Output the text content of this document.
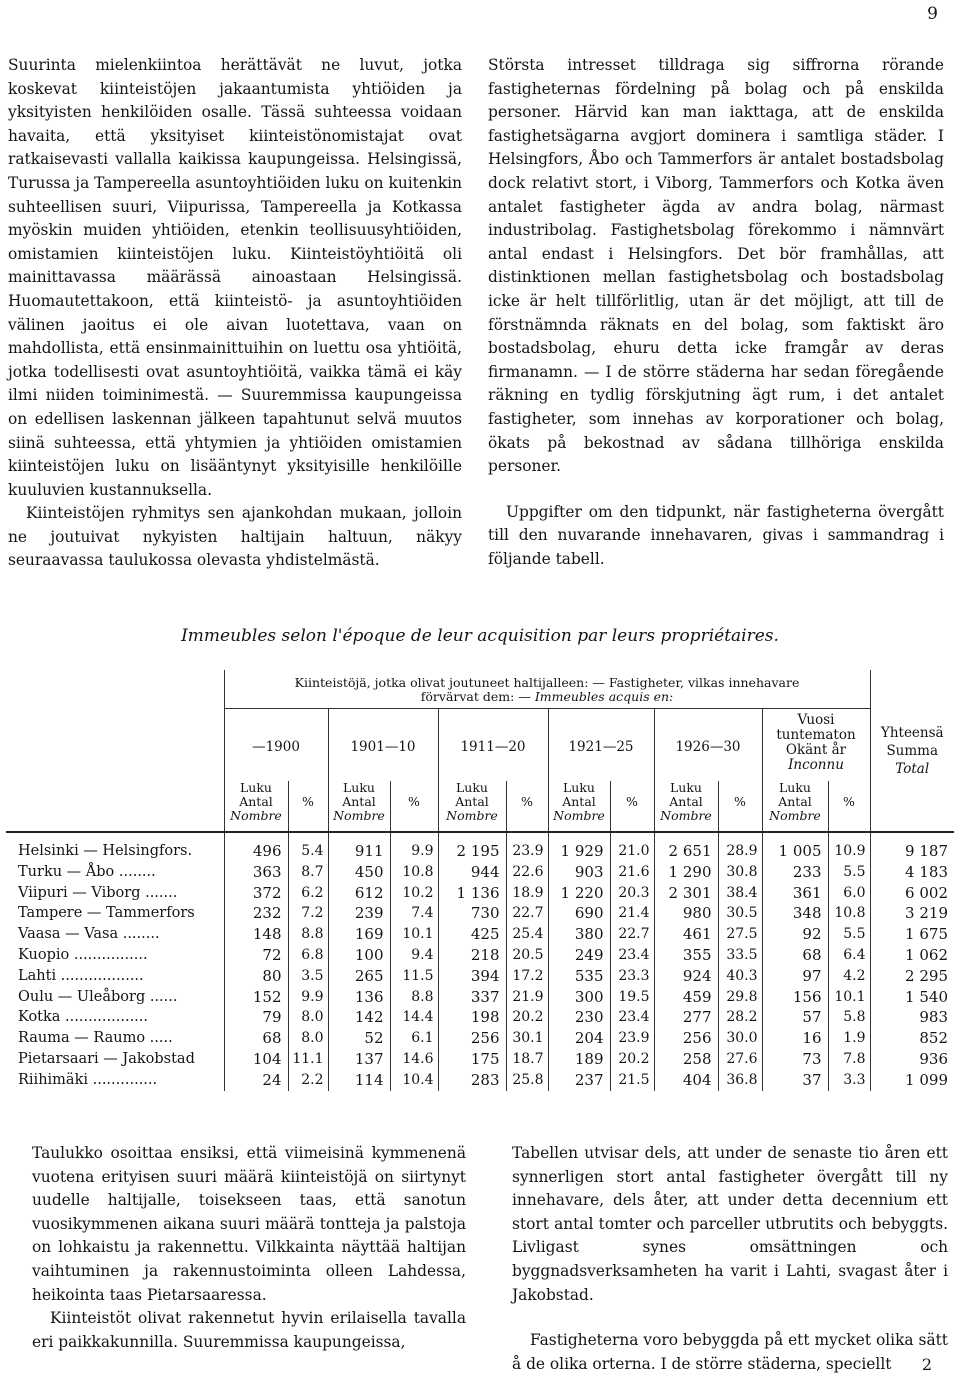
9

Suurinta mielenkiintoa herättävät ne luvut, jotka koskevat kiinteistöjen jakaantumista yhtiöiden ja yksityisten henkilöiden osalle. Tässä suhteessa voidaan havaita, että yksityiset kiinteistönomistajat ovat ratkaisevasti vallalla kaikissa kaupungeissa. Helsingissä, Turussa ja Tampereella asuntoyhtiöiden luku on kuitenkin suhteellisen suuri, Viipurissa, Tampereella ja Kotkassa myöskin muiden yhtiöiden, etenkin teollisuusyhtiöiden, omistamien kiinteistöjen luku. Kiinteistöyhtiöitä oli mainittavassa määrässä ainoastaan Helsingissä. Huomautettakoon, että kiinteistö- ja asuntoyhtiöiden välinen jaoitus ei ole aivan luotettava, vaan on mahdollista, että ensinmainittuihin on luettu osa yhtiöitä, jotka todellisesti ovat asuntoyhtiöitä, vaikka tämä ei käy ilmi niiden toiminimestä. — Suuremmissa kaupungeissa on edellisen laskennan jälkeen tapahtunut selvä muutos siinä suhteessa, että yhtymien ja yhtiöiden omistamien kiinteistöjen luku on lisääntynyt yksityisille henkilöille kuuluvien kustannuksella.

Kiinteistöjen ryhmitys sen ajankohdan mukaan, jolloin ne joutuivat nykyisten haltijain haltuun, näkyy seuraavassa taulukossa olevasta yhdistelmästä.

Största intresset tilldraga sig siffrorna rörande fastigheternas fördelning på bolag och på enskilda personer. Härvid kan man iakttaga, att de enskilda fastighetsägarna avgjort dominera i samtliga städer. I Helsingfors, Åbo och Tammerfors är antalet bostadsbolag dock relativt stort, i Viborg, Tammerfors och Kotka även antalet fastigheter ägda av andra bolag, närmast industribolag. Fastighetsbolag förekommo i nämnvärt antal endast i Helsingfors. Det bör framhållas, att distinktionen mellan fastighetsbolag och bostadsbolag icke är helt tillförlitlig, utan är det möjligt, att till de förstnämnda räknats en del bolag, som faktiskt äro bostadsbolag, ehuru detta icke framgår av deras firmanamn. — I de större städerna har sedan föregående räkning en tydlig förskjutning ägt rum, i det antalet fastigheter, som innehas av korporationer och bolag, ökats på bekostnad av sådana tillhöriga enskilda personer.

Uppgifter om den tidpunkt, när fastigheterna övergått till den nuvarande innehavaren, givas i sammandrag i följande tabell.

Immeubles selon l'époque de leur acquisition par leurs propriétaires.
	Kiinteistöjä, jotka olivat joutuneet haltijalleen: — Fastigheter, vilkas innehavare
förvärvat dem: — Immeubles acquis en:												Yhteensä
Summa
Total
	—1900		1901—10		1911—20		1921—25		1926—30		Vuosi tuntematon
Okänt år
Inconnu		

	Luku
Antal
Nombre	%	Luku
Antal
Nombre	%	Luku
Antal
Nombre	%	Luku
Antal
Nombre	%	Luku
Antal
Nombre	%	Luku
Antal
Nombre	%	
Helsinki — Helsingfors.	496	5.4	911	9.9	2 195	23.9	1 929	21.0	2 651	28.9	1 005	10.9	9 187
Turku — Åbo ........	363	8.7	450	10.8	944	22.6	903	21.6	1 290	30.8	233	5.5	4 183
Viipuri — Viborg .......	372	6.2	612	10.2	1 136	18.9	1 220	20.3	2 301	38.4	361	6.0	6 002
Tampere — Tammerfors	232	7.2	239	7.4	730	22.7	690	21.4	980	30.5	348	10.8	3 219
Vaasa — Vasa ........	148	8.8	169	10.1	425	25.4	380	22.7	461	27.5	92	5.5	1 675
Kuopio ................	72	6.8	100	9.4	218	20.5	249	23.4	355	33.5	68	6.4	1 062
Lahti ..................	80	3.5	265	11.5	394	17.2	535	23.3	924	40.3	97	4.2	2 295
Oulu — Uleåborg ......	152	9.9	136	8.8	337	21.9	300	19.5	459	29.8	156	10.1	1 540
Kotka ..................	79	8.0	142	14.4	198	20.2	230	23.4	277	28.2	57	5.8	983
Rauma — Raumo .....	68	8.0	52	6.1	256	30.1	204	23.9	256	30.0	16	1.9	852
Pietarsaari — Jakobstad	104	11.1	137	14.6	175	18.7	189	20.2	258	27.6	73	7.8	936
Riihimäki ..............	24	2.2	114	10.4	283	25.8	237	21.5	404	36.8	37	3.3	1 099

Taulukko osoittaa ensiksi, että viimeisinä kymmenenä vuotena erityisen suuri määrä kiinteistöjä on siirtynyt uudelle haltijalle, toisekseen taas, että sanotun vuosikymmenen aikana suuri määrä tontteja ja palstoja on lohkaistu ja rakennettu. Vilkkainta näyttää haltijan vaihtuminen ja rakennustoiminta olleen Lahdessa, heikointa taas Pietarsaaressa.

Kiinteistöt olivat rakennetut hyvin erilaisella tavalla eri paikkakunnilla. Suuremmissa kaupungeissa,

Tabellen utvisar dels, att under de senaste tio åren ett synnerligen stort antal fastigheter övergått till ny innehavare, dels åter, att under detta decennium ett stort antal tomter och parceller utbrutits och bebyggts. Livligast synes omsättningen och byggnadsverksamheten ha varit i Lahti, svagast åter i Jakobstad.

Fastigheterna voro bebyggda på ett mycket olika sätt å de olika orterna. I de större städerna, speciellt	2
